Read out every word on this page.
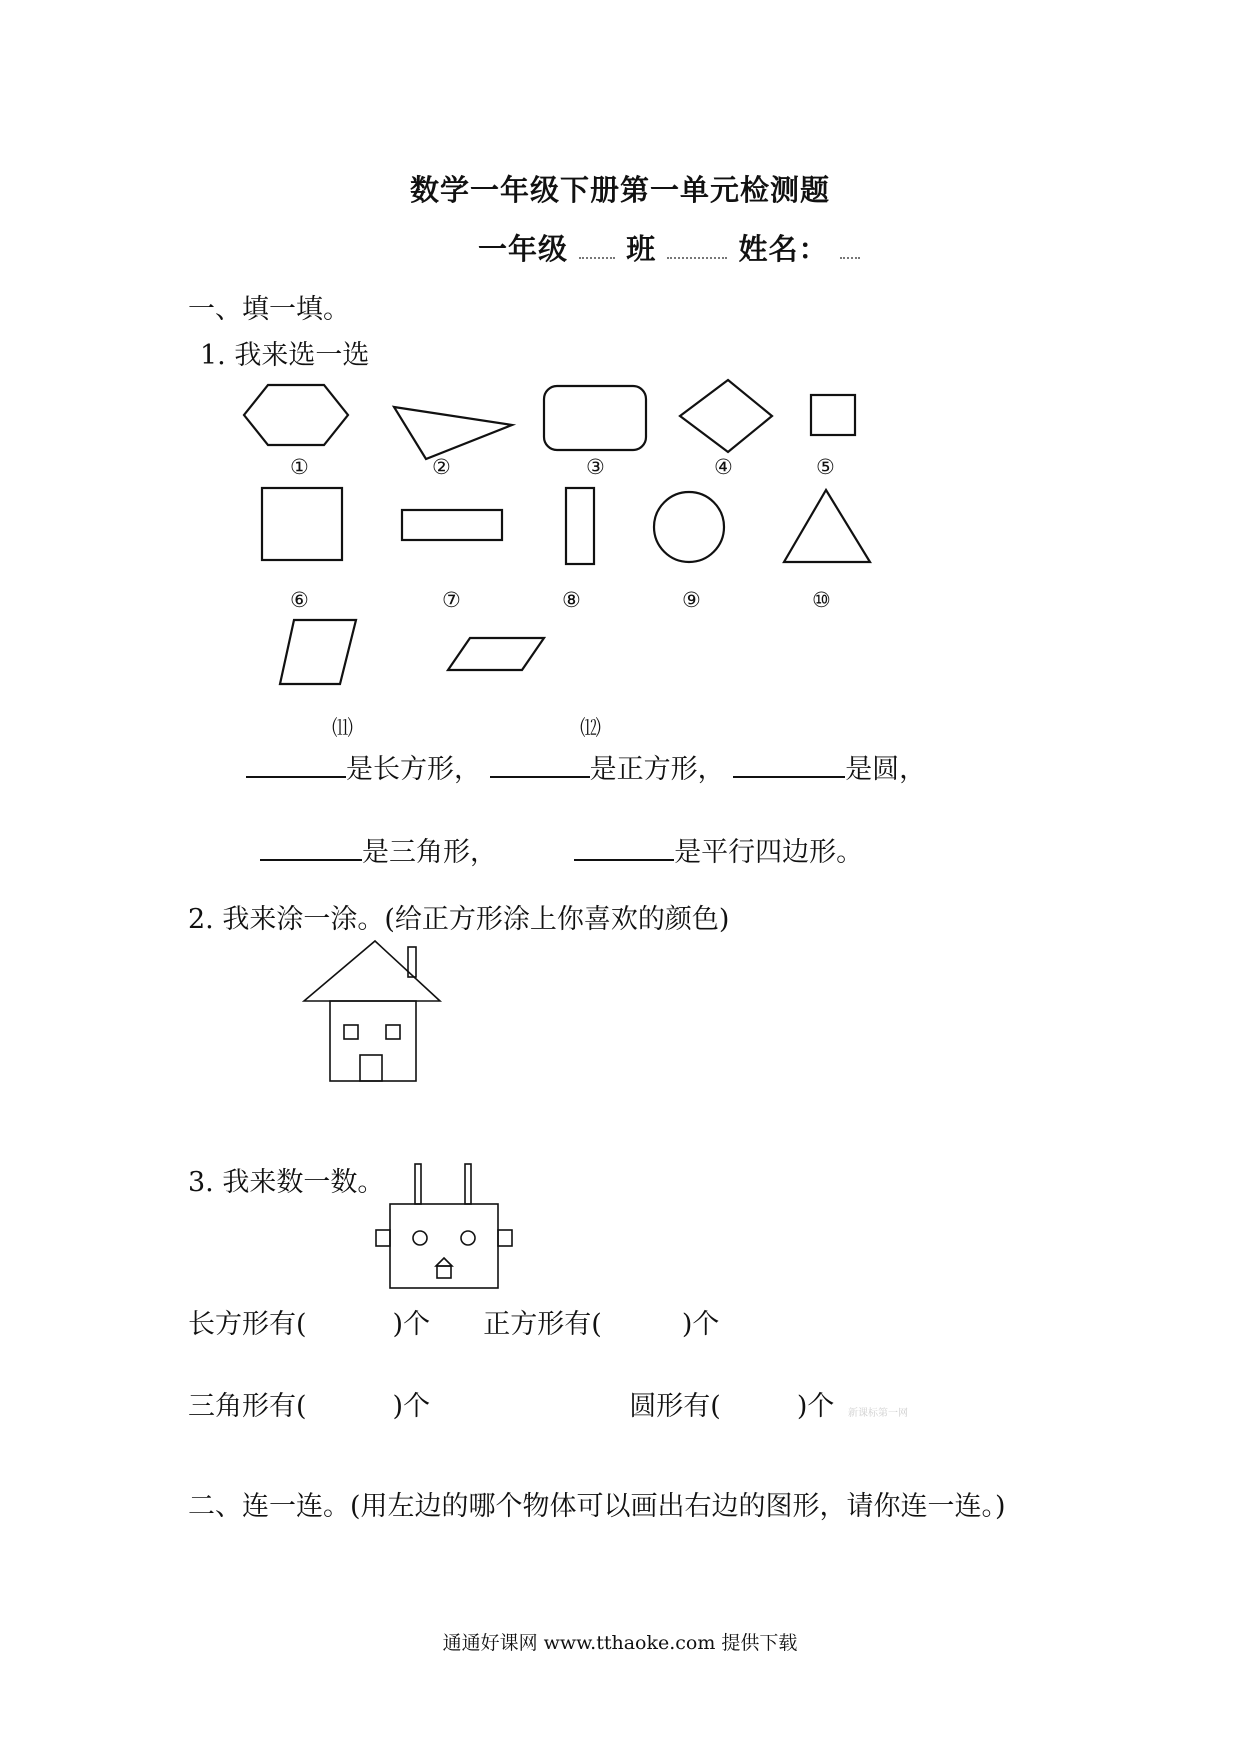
数学一年级下册第一单元检测题
一年级 班	姓名：
一、填一填。
1. 我来选一选
①	②	③	④	⑤
⑥	⑦	⑧	⑨	⑩
⑾	⑿
是长方形，	是正方形，	是圆，
是三角形，	是平行四边形。
2. 我来涂一涂。(给正方形涂上你喜欢的颜色)
3. 我来数一数。
长方形有(	)个 正方形有(	)个
三角形有(	)个	圆形有(	)个 新课标第一网
二、连一连。(用左边的哪个物体可以画出右边的图形，请你连一连。)
通通好课网 www.tthaoke.com 提供下载
